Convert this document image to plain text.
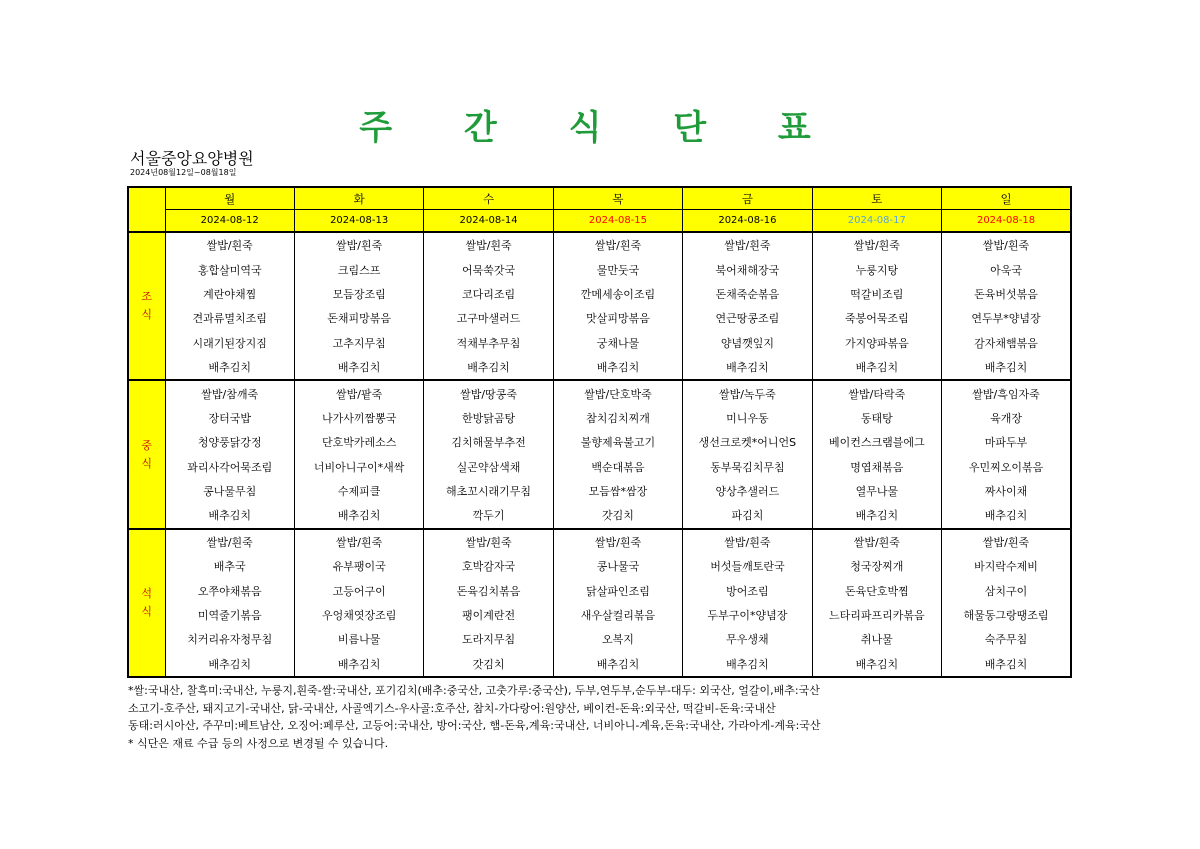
주 간 식 단 표
서울중앙요양병원
2024년08월12일~08월18일
	월	화	수	목	금	토	일
	2024-08-12	2024-08-13	2024-08-14	2024-08-15	2024-08-16	2024-08-17	2024-08-18

조
식	쌀밥/흰죽	쌀밥/흰죽	쌀밥/흰죽	쌀밥/흰죽	쌀밥/흰죽	쌀밥/흰죽	쌀밥/흰죽
	홍합살미역국	크림스프	어묵쑥갓국	물만둣국	북어채해장국	누룽지탕	아욱국
	계란야채찜	모듬장조림	코다리조림	깐메세송이조림	돈채죽순볶음	떡갈비조림	돈육버섯볶음
	견과류멸치조림	돈채피망볶음	고구마샐러드	맛살피망볶음	연근땅콩조림	죽봉어묵조림	연두부*양념장
	시래기된장지짐	고추지무침	적채부추무침	궁채나물	양념깻잎지	가지양파볶음	감자채햄볶음
	배추김치	배추김치	배추김치	배추김치	배추김치	배추김치	배추김치

중
식	쌀밥/참깨죽	쌀밥/팥죽	쌀밥/땅콩죽	쌀밥/단호박죽	쌀밥/녹두죽	쌀밥/타락죽	쌀밥/흑임자죽
	장터국밥	나가사끼짬뽕국	한방닭곰탕	참치김치찌개	미니우동	동태탕	육개장
	청양풍닭강정	단호박카레소스	김치해물부추전	불향제육불고기	생선크로켓*어니언S	베이컨스크램블에그	마파두부
	꽈리사각어묵조림	너비아니구이*새싹	실곤약삼색채	백순대볶음	동부묵김치무침	명엽채볶음	우민찌오이볶음
	콩나물무침	수제피클	해초꼬시래기무침	모듬쌈*쌈장	양상추샐러드	열무나물	짜사이채
	배추김치	배추김치	깍두기	갓김치	파김치	배추김치	배추김치

석
식	쌀밥/흰죽	쌀밥/흰죽	쌀밥/흰죽	쌀밥/흰죽	쌀밥/흰죽	쌀밥/흰죽	쌀밥/흰죽
	배추국	유부팽이국	호박감자국	콩나물국	버섯들깨토란국	청국장찌개	바지락수제비
	오쭈야채볶음	고등어구이	돈육김치볶음	닭살파인조림	방어조림	돈육단호박찜	삼치구이
	미역줄기볶음	우엉채엿장조림	팽이계란전	새우살컬리볶음	두부구이*양념장	느타리파프리카볶음	해물동그랑땡조림
	치커리유자청무침	비름나물	도라지무침	오복지	무우생채	취나물	숙주무침
	배추김치	배추김치	갓김치	배추김치	배추김치	배추김치	배추김치
*쌀:국내산, 찰흑미:국내산, 누룽지,흰죽-쌀:국내산, 포기김치(배추:중국산, 고춧가루:중국산), 두부,연두부,순두부-대두: 외국산, 얼갈이,배추:국산
소고기-호주산, 돼지고기-국내산, 닭-국내산, 사골엑기스-우사골:호주산, 참치-가다랑어:원양산, 베이컨-돈육:외국산, 떡갈비-돈육:국내산
동태:러시아산, 주꾸미:베트남산, 오징어:페루산, 고등어:국내산, 방어:국산, 햄-돈육,계육:국내산, 너비아니-계육,돈육:국내산, 가라아게-계육:국산
* 식단은 재료 수급 등의 사정으로 변경될 수 있습니다.
